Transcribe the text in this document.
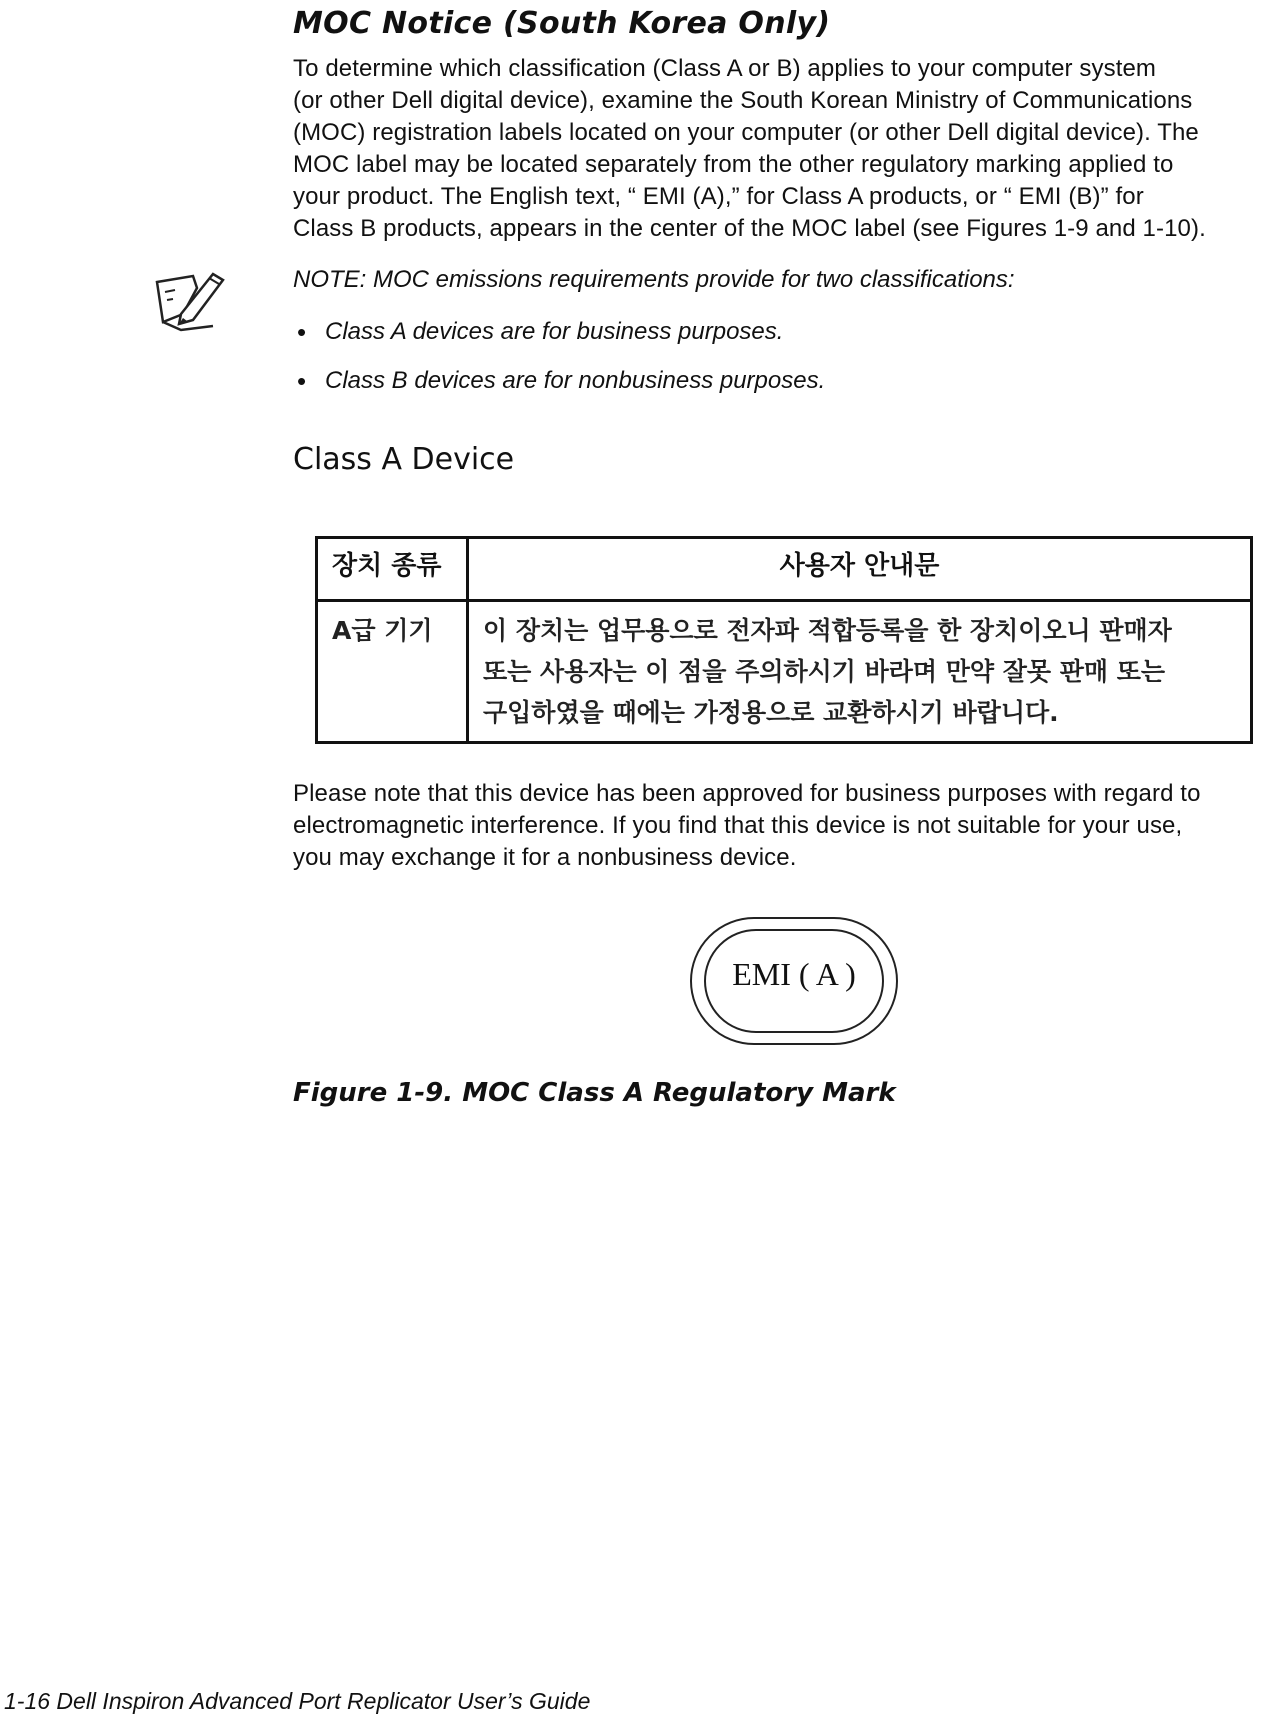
MOC Notice (South Korea Only)

To determine which classification (Class A or B) applies to your computer system
(or other Dell digital device), examine the South Korean Ministry of Communications
(MOC) registration labels located on your computer (or other Dell digital device). The
MOC label may be located separately from the other regulatory marking applied to
your product. The English text, “ EMI (A),” for Class A products, or “ EMI (B)” for
Class B products, appears in the center of the MOC label (see Figures 1-9 and 1-10).

NOTE: MOC emissions requirements provide for two classifications:

• Class A devices are for business purposes.
• Class B devices are for nonbusiness purposes.
Class A Device
장치 종류	사용자 안내문
A급 기기	이 장치는 업무용으로 전자파 적합등록을 한 장치이오니 판매자
또는 사용자는 이 점을 주의하시기 바라며 만약 잘못 판매 또는
구입하였을 때에는 가정용으로 교환하시기 바랍니다.

Please note that this device has been approved for business purposes with regard to
electromagnetic interference. If you find that this device is not suitable for your use,
you may exchange it for a nonbusiness device.

EMI ( A )

Figure 1-9. MOC Class A Regulatory Mark

1-16 Dell Inspiron Advanced Port Replicator User’s Guide
